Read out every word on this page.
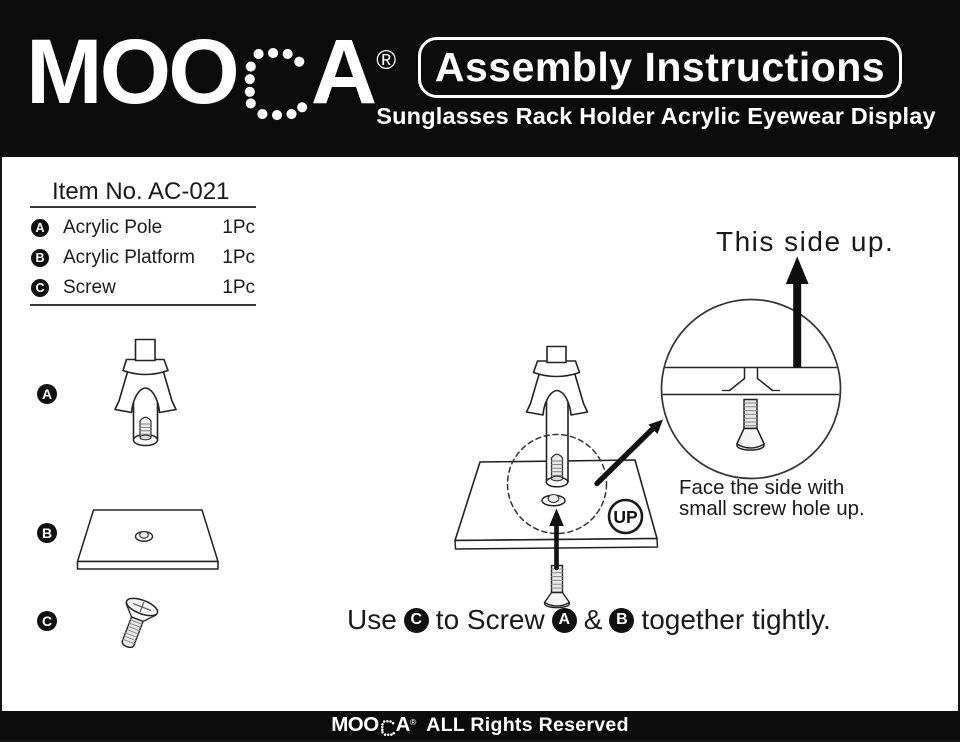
MOO A ® Assembly Instructions
Sunglasses Rack Holder Acrylic Eyewear Display
Item No. AC-021
A Acrylic Pole	1Pc
B Acrylic Platform 1Pc
C Screw	1Pc
UP
A
B
C
This side up.
Face the side with
small screw hole up.
Use C to Screw A & B together tightly.
MOO A ® ALL Rights Reserved
